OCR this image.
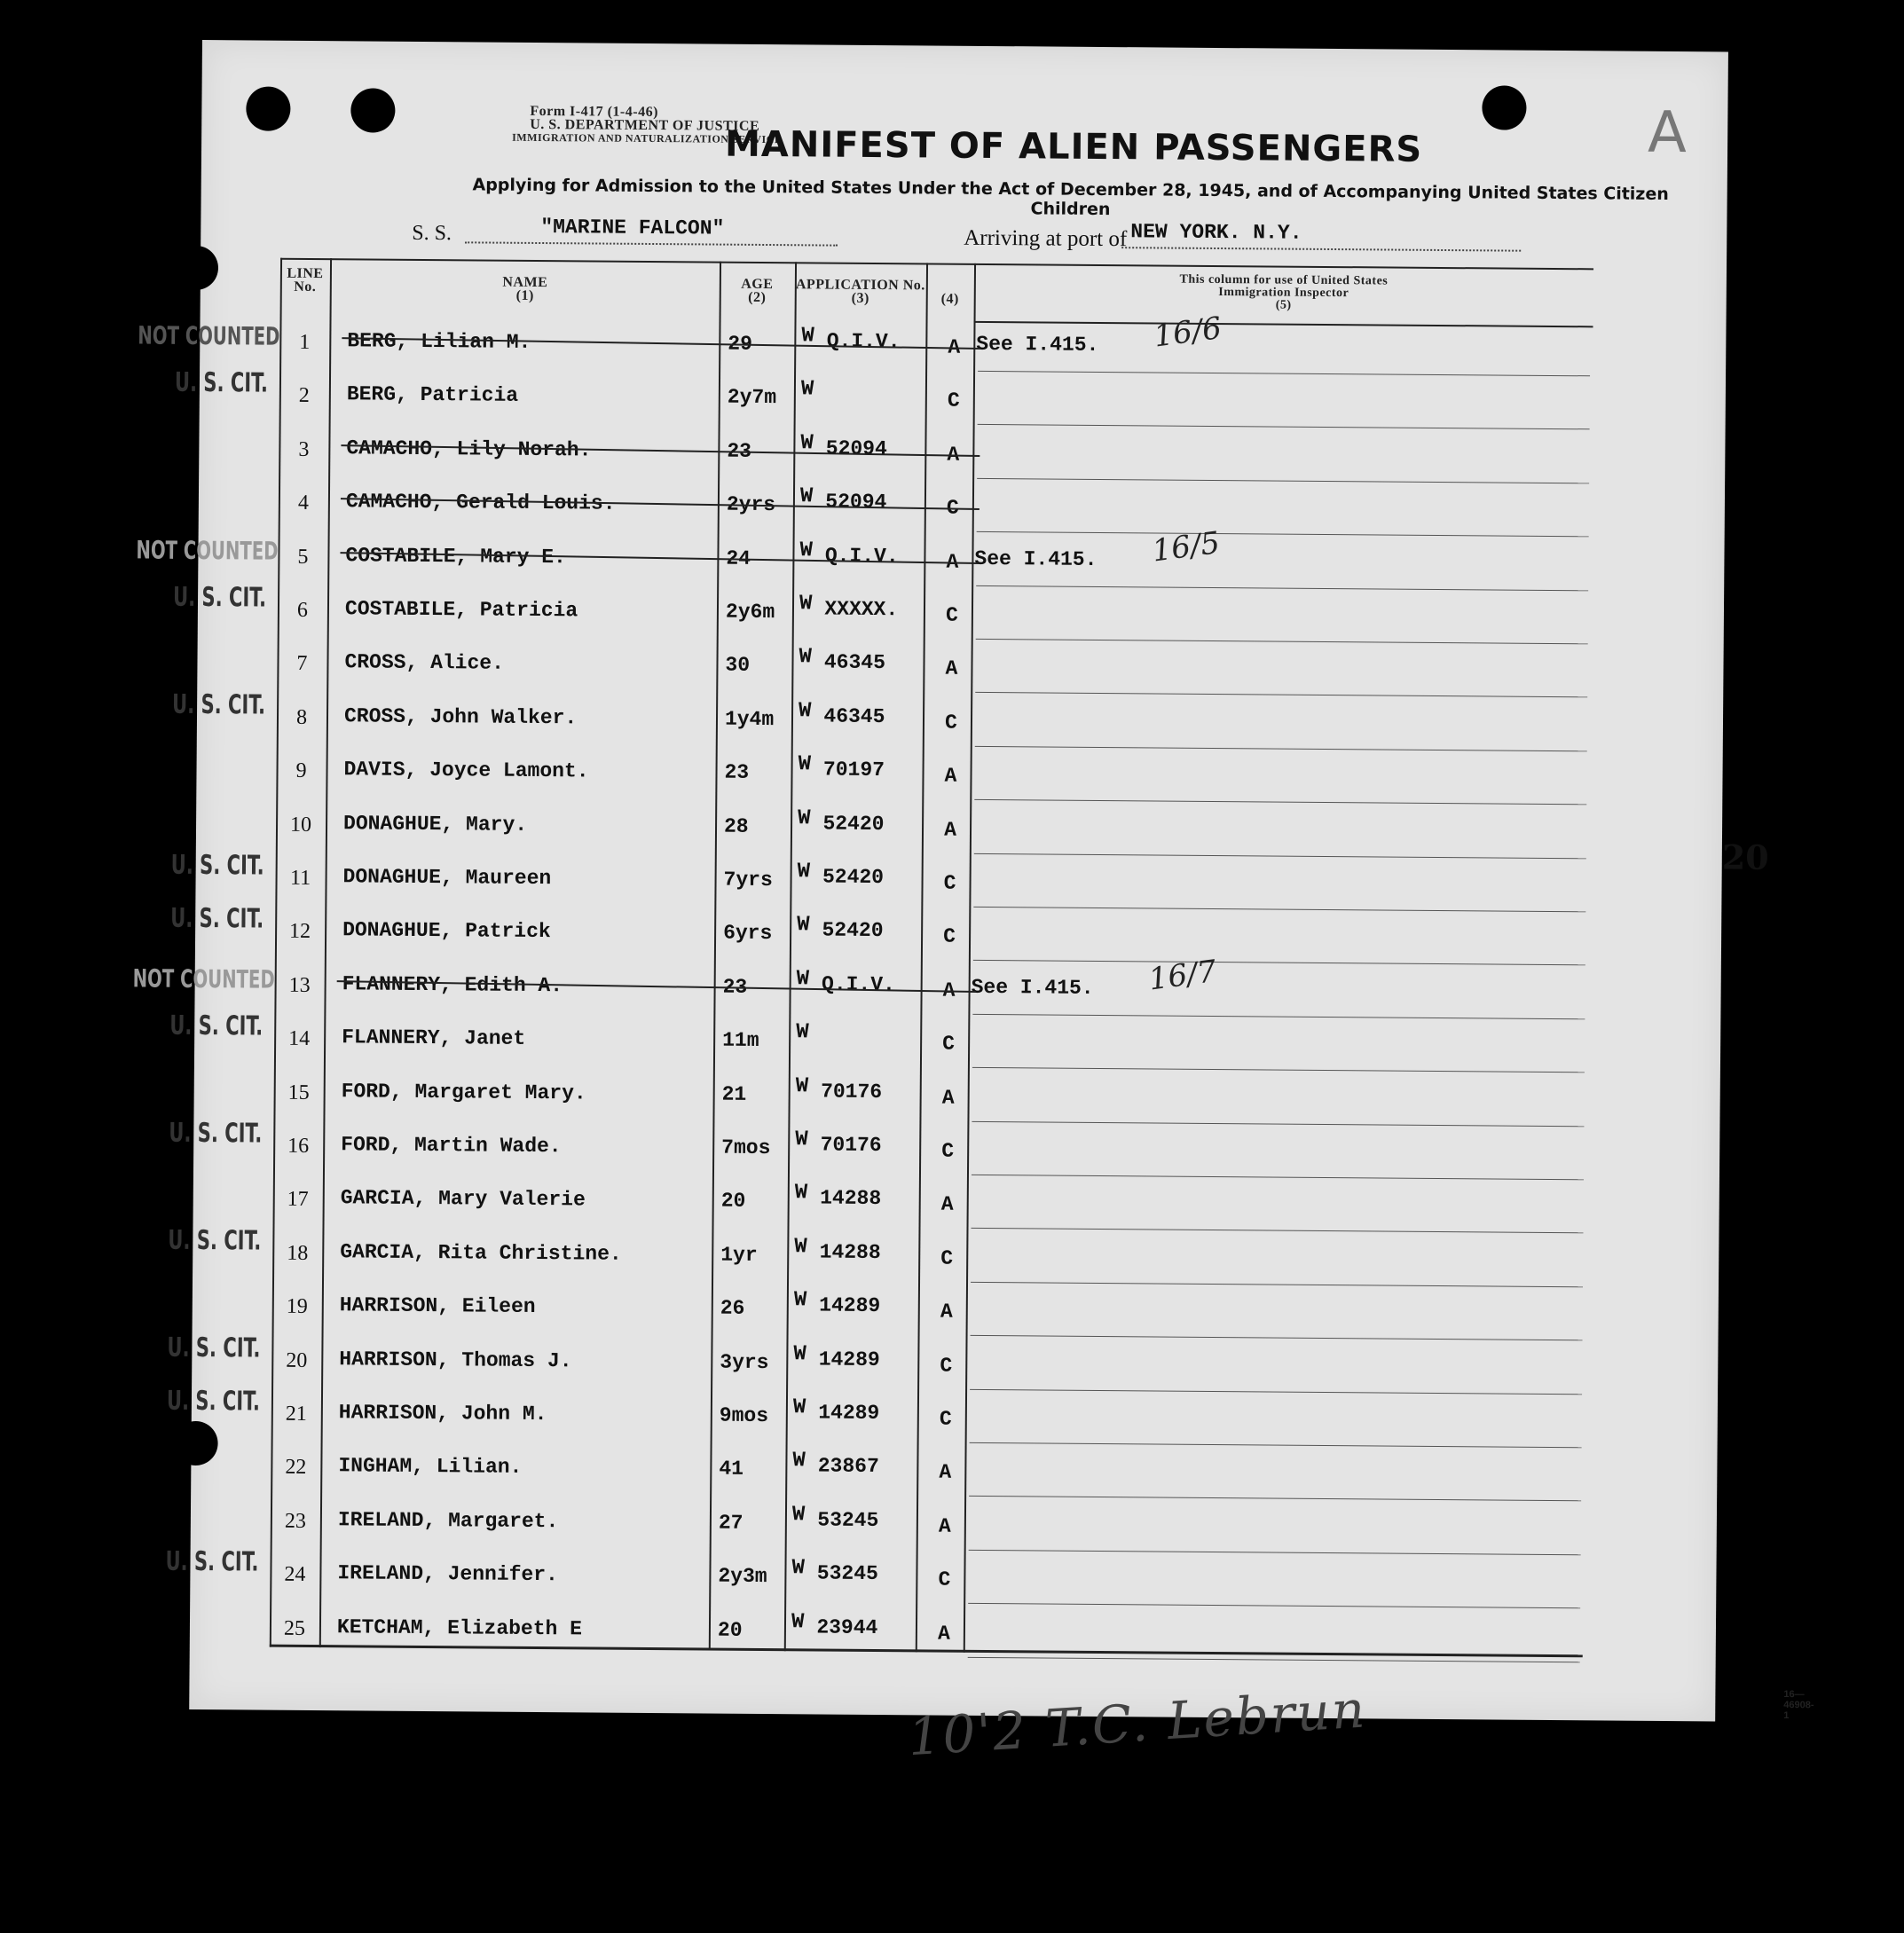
A
Form I-417 (1-4-46)
U. S. DEPARTMENT OF JUSTICE
IMMIGRATION AND NATURALIZATION SERVICE
MANIFEST OF ALIEN PASSENGERS
Applying for Admission to the United States Under the Act of December 28, 1945, and of Accompanying United States Citizen Children
S. S.	"MARINE FALCON"	Arriving at port of NEW YORK. N.Y.
LINE No.	NAME
(1)
AGE
(2)
APPLICATION No.
(3)	(4)
This column for use of United States Immigration Inspector
(5)
1	BERG, Lilian M.	29 W Q.I.V.	A See I.415. 16/6
NOT COUNTED
2	BERG, Patricia	2y7m W	C
U. S. CIT.
3	CAMACHO, Lily Norah.	23 W 52094	A
4	CAMACHO, Gerald Louis.	2yrs W 52094	C
5	COSTABILE, Mary E.	24 W Q.I.V.	A See I.415. 16/5
NOT COUNTED
6	COSTABILE, Patricia	2y6m W XXXXX.	C
U. S. CIT.
7	CROSS, Alice.	30 W 46345	A
8	CROSS, John Walker.	1y4m W 46345	C
U. S. CIT.
9	DAVIS, Joyce Lamont.	23 W 70197	A
10	DONAGHUE, Mary.	28 W 52420	A
11	DONAGHUE, Maureen	7yrs W 52420	C
U. S. CIT.
12	DONAGHUE, Patrick	6yrs W 52420	C
U. S. CIT.
13	FLANNERY, Edith A.	23 W Q.I.V.	A See I.415. 16/7
NOT COUNTED
14	FLANNERY, Janet	11m W	C
U. S. CIT.
15	FORD, Margaret Mary.	21 W 70176	A
16	FORD, Martin Wade.	7mos W 70176	C
U. S. CIT.
17	GARCIA, Mary Valerie	20 W 14288	A
18	GARCIA, Rita Christine.	1yr W 14288	C
U. S. CIT.
19	HARRISON, Eileen	26 W 14289	A
20	HARRISON, Thomas J.	3yrs W 14289	C
U. S. CIT.
21	HARRISON, John M.	9mos W 14289	C
U. S. CIT.
22	INGHAM, Lilian.	41 W 23867	A
23	IRELAND, Margaret.	27 W 53245	A
24	IRELAND, Jennifer.	2y3m W 53245	C
U. S. CIT.
25	KETCHAM, Elizabeth E	20 W 23944	A
20
10'2 T.C. Lebrun	16—46908-1
